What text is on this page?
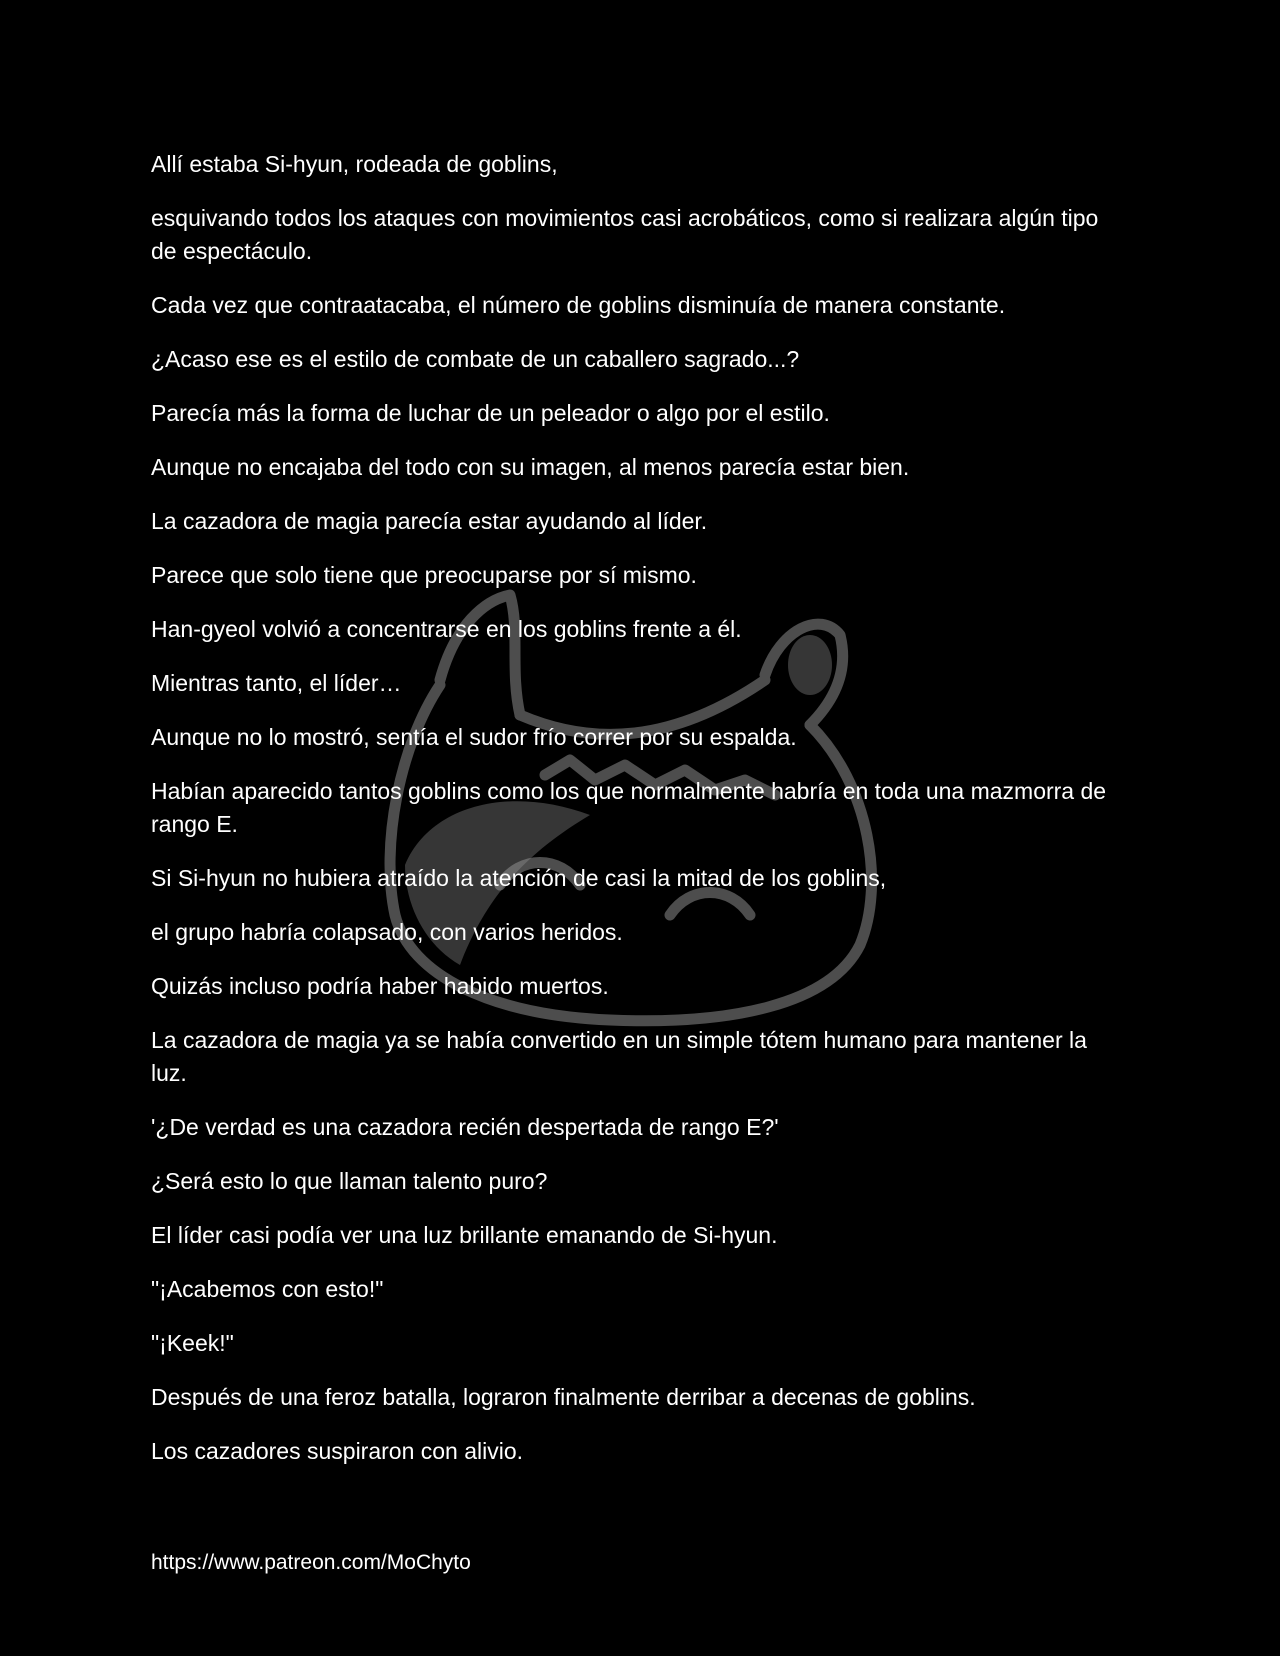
Allí estaba Si-hyun, rodeada de goblins,

esquivando todos los ataques con movimientos casi acrobáticos, como si realizara algún tipo de espectáculo.

Cada vez que contraatacaba, el número de goblins disminuía de manera constante.

¿Acaso ese es el estilo de combate de un caballero sagrado...?

Parecía más la forma de luchar de un peleador o algo por el estilo.

Aunque no encajaba del todo con su imagen, al menos parecía estar bien.

La cazadora de magia parecía estar ayudando al líder.

Parece que solo tiene que preocuparse por sí mismo.

Han-gyeol volvió a concentrarse en los goblins frente a él.

Mientras tanto, el líder…

Aunque no lo mostró, sentía el sudor frío correr por su espalda.

Habían aparecido tantos goblins como los que normalmente habría en toda una mazmorra de rango E.

Si Si-hyun no hubiera atraído la atención de casi la mitad de los goblins,

el grupo habría colapsado, con varios heridos.

Quizás incluso podría haber habido muertos.

La cazadora de magia ya se había convertido en un simple tótem humano para mantener la luz.

'¿De verdad es una cazadora recién despertada de rango E?'

¿Será esto lo que llaman talento puro?

El líder casi podía ver una luz brillante emanando de Si-hyun.

"¡Acabemos con esto!"

"¡Keek!"

Después de una feroz batalla, lograron finalmente derribar a decenas de goblins.

Los cazadores suspiraron con alivio.

https://www.patreon.com/MoChyto
